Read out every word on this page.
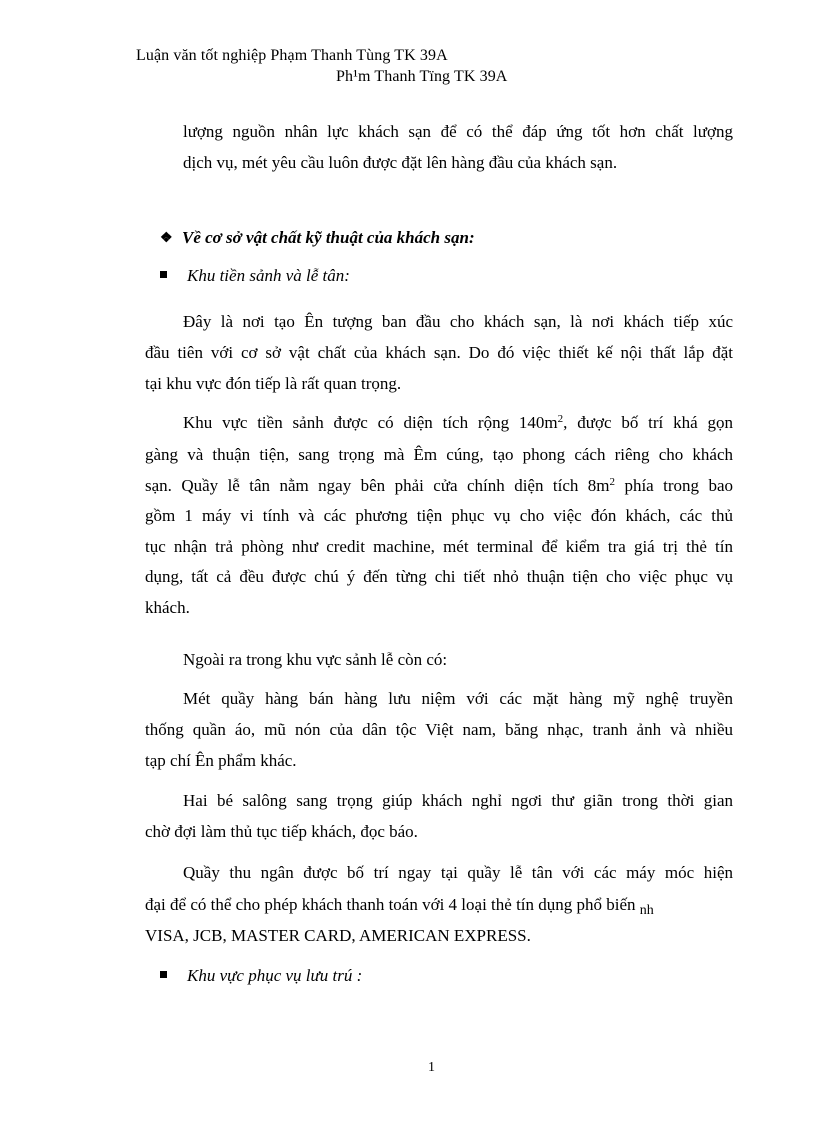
Luận văn tốt nghiệp Phạm Thanh Tùng TK 39A
Ph¹m Thanh Tïng TK 39A
lượng nguồn nhân lực khách sạn để có thể đáp ứng tốt hơn chất lượng
dịch vụ, mét yêu cầu luôn được đặt lên hàng đầu của khách sạn.
❖ Về cơ sở vật chất kỹ thuật của khách sạn:
Khu tiền sảnh và lễ tân:
Đây là nơi tạo Ên tượng ban đầu cho khách sạn, là nơi khách tiếp xúc
đầu tiên với cơ sở vật chất của khách sạn. Do đó việc thiết kế nội thất lắp đặt
tại khu vực đón tiếp là rất quan trọng.
Khu vực tiền sảnh được có diện tích rộng $140m^2$, được bố trí khá gọn
gàng và thuận tiện, sang trọng mà Êm cúng, tạo phong cách riêng cho khách
sạn. Quầy lễ tân nằm ngay bên phải cửa chính diện tích $8m^2$ phía trong bao
gồm 1 máy vi tính và các phương tiện phục vụ cho việc đón khách, các thủ
tục nhận trả phòng như credit machine, mét terminal để kiểm tra giá trị thẻ tín
dụng, tất cả đều được chú ý đến từng chi tiết nhỏ thuận tiện cho việc phục vụ
khách.
Ngoài ra trong khu vực sảnh lễ còn có:
Mét quầy hàng bán hàng lưu niệm với các mặt hàng mỹ nghệ truyền
thống quần áo, mũ nón của dân tộc Việt nam, băng nhạc, tranh ảnh và nhiều
tạp chí Ên phẩm khác.
Hai bé salông sang trọng giúp khách nghỉ ngơi thư giãn trong thời gian
chờ đợi làm thủ tục tiếp khách, đọc báo.
Quầy thu ngân được bố trí ngay tại quầy lễ tân với các máy móc hiện
đại để có thể cho phép khách thanh toán với 4 loại thẻ tín dụng phổ biến $_{nh}$
VISA, JCB, MASTER CARD, AMERICAN EXPRESS.
Khu vực phục vụ lưu trú :
1
